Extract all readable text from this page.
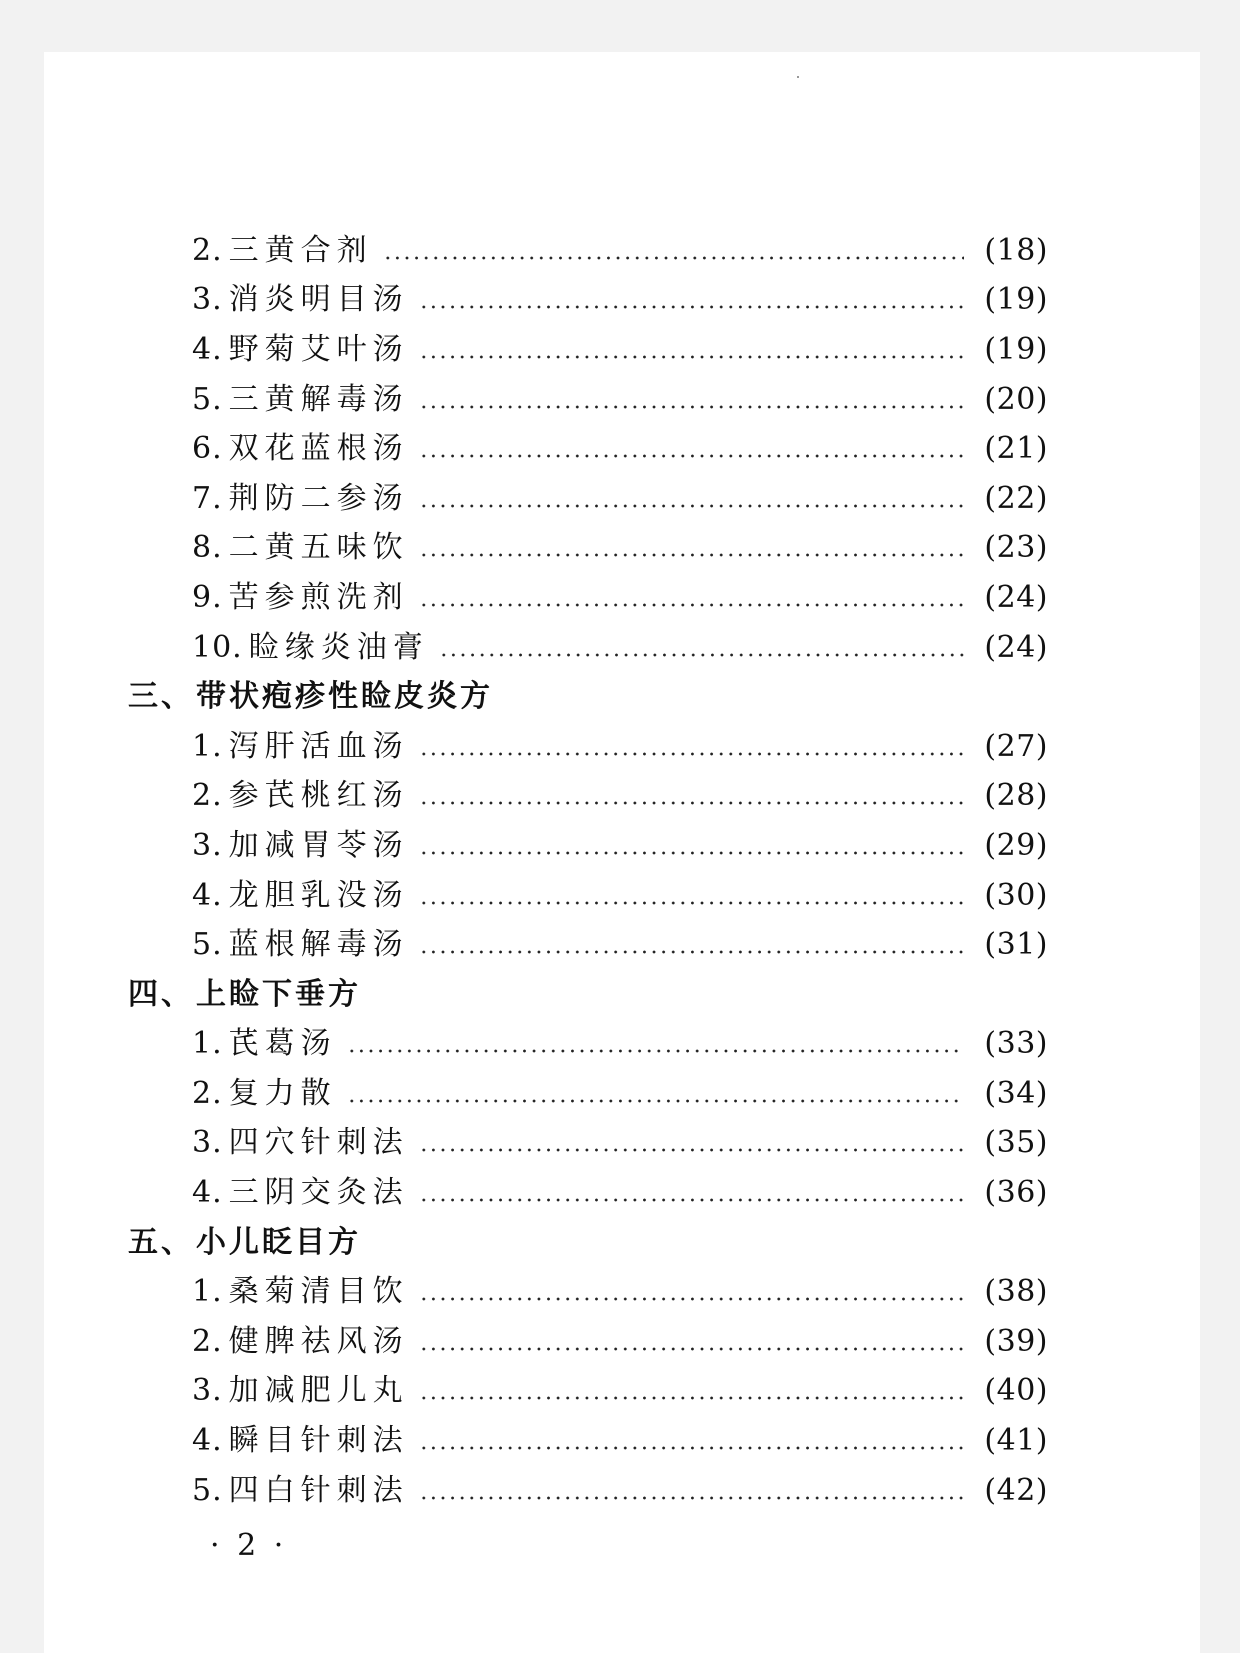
2. 三黄合剂	(18)
3. 消炎明目汤	(19)
4. 野菊艾叶汤	(19)
5. 三黄解毒汤	(20)
6. 双花蓝根汤	(21)
7. 荆防二参汤	(22)
8. 二黄五味饮	(23)
9. 苦参煎洗剂	(24)
10. 睑缘炎油膏	(24)
三、 带状疱疹性睑皮炎方
1. 泻肝活血汤	(27)
2. 参芪桃红汤	(28)
3. 加减胃苓汤	(29)
4. 龙胆乳没汤	(30)
5. 蓝根解毒汤	(31)
四、 上睑下垂方
1. 芪葛汤	(33)
2. 复力散	(34)
3. 四穴针刺法	(35)
4. 三阴交灸法	(36)
五、 小儿眨目方
1. 桑菊清目饮	(38)
2. 健脾祛风汤	(39)
3. 加减肥儿丸	(40)
4. 瞬目针刺法	(41)
5. 四白针刺法	(42)
· 2 ·
